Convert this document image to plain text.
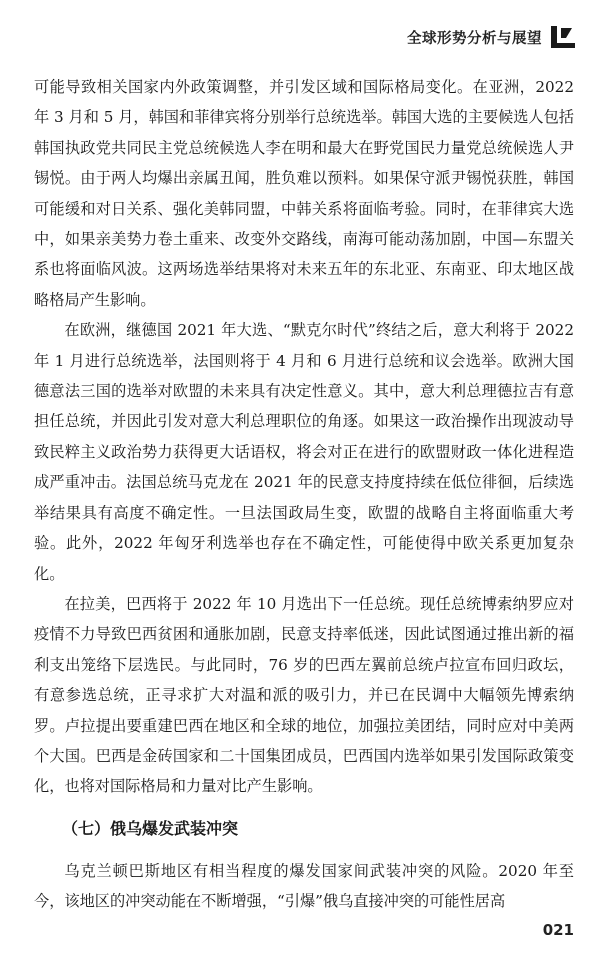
全球形势分析与展望

可能导致相关国家内外政策调整，并引发区域和国际格局变化。在亚洲，2022 年 3 月和 5 月，韩国和菲律宾将分别举行总统选举。韩国大选的主要候选人包括韩国执政党共同民主党总统候选人李在明和最大在野党国民力量党总统候选人尹锡悦。由于两人均爆出亲属丑闻，胜负难以预料。如果保守派尹锡悦获胜，韩国可能缓和对日关系、强化美韩同盟，中韩关系将面临考验。同时，在菲律宾大选中，如果亲美势力卷土重来、改变外交路线，南海可能动荡加剧，中国—东盟关系也将面临风波。这两场选举结果将对未来五年的东北亚、东南亚、印太地区战略格局产生影响。

在欧洲，继德国 2021 年大选、“默克尔时代”终结之后，意大利将于 2022 年 1 月进行总统选举，法国则将于 4 月和 6 月进行总统和议会选举。欧洲大国德意法三国的选举对欧盟的未来具有决定性意义。其中，意大利总理德拉吉有意担任总统，并因此引发对意大利总理职位的角逐。如果这一政治操作出现波动导致民粹主义政治势力获得更大话语权，将会对正在进行的欧盟财政一体化进程造成严重冲击。法国总统马克龙在 2021 年的民意支持度持续在低位徘徊，后续选举结果具有高度不确定性。一旦法国政局生变，欧盟的战略自主将面临重大考验。此外，2022 年匈牙利选举也存在不确定性，可能使得中欧关系更加复杂化。

在拉美，巴西将于 2022 年 10 月选出下一任总统。现任总统博索纳罗应对疫情不力导致巴西贫困和通胀加剧，民意支持率低迷，因此试图通过推出新的福利支出笼络下层选民。与此同时，76 岁的巴西左翼前总统卢拉宣布回归政坛，有意参选总统，正寻求扩大对温和派的吸引力，并已在民调中大幅领先博索纳罗。卢拉提出要重建巴西在地区和全球的地位，加强拉美团结，同时应对中美两个大国。巴西是金砖国家和二十国集团成员，巴西国内选举如果引发国际政策变化，也将对国际格局和力量对比产生影响。

（七）俄乌爆发武装冲突

乌克兰顿巴斯地区有相当程度的爆发国家间武装冲突的风险。2020 年至今，该地区的冲突动能在不断增强，“引爆”俄乌直接冲突的可能性居高

021
